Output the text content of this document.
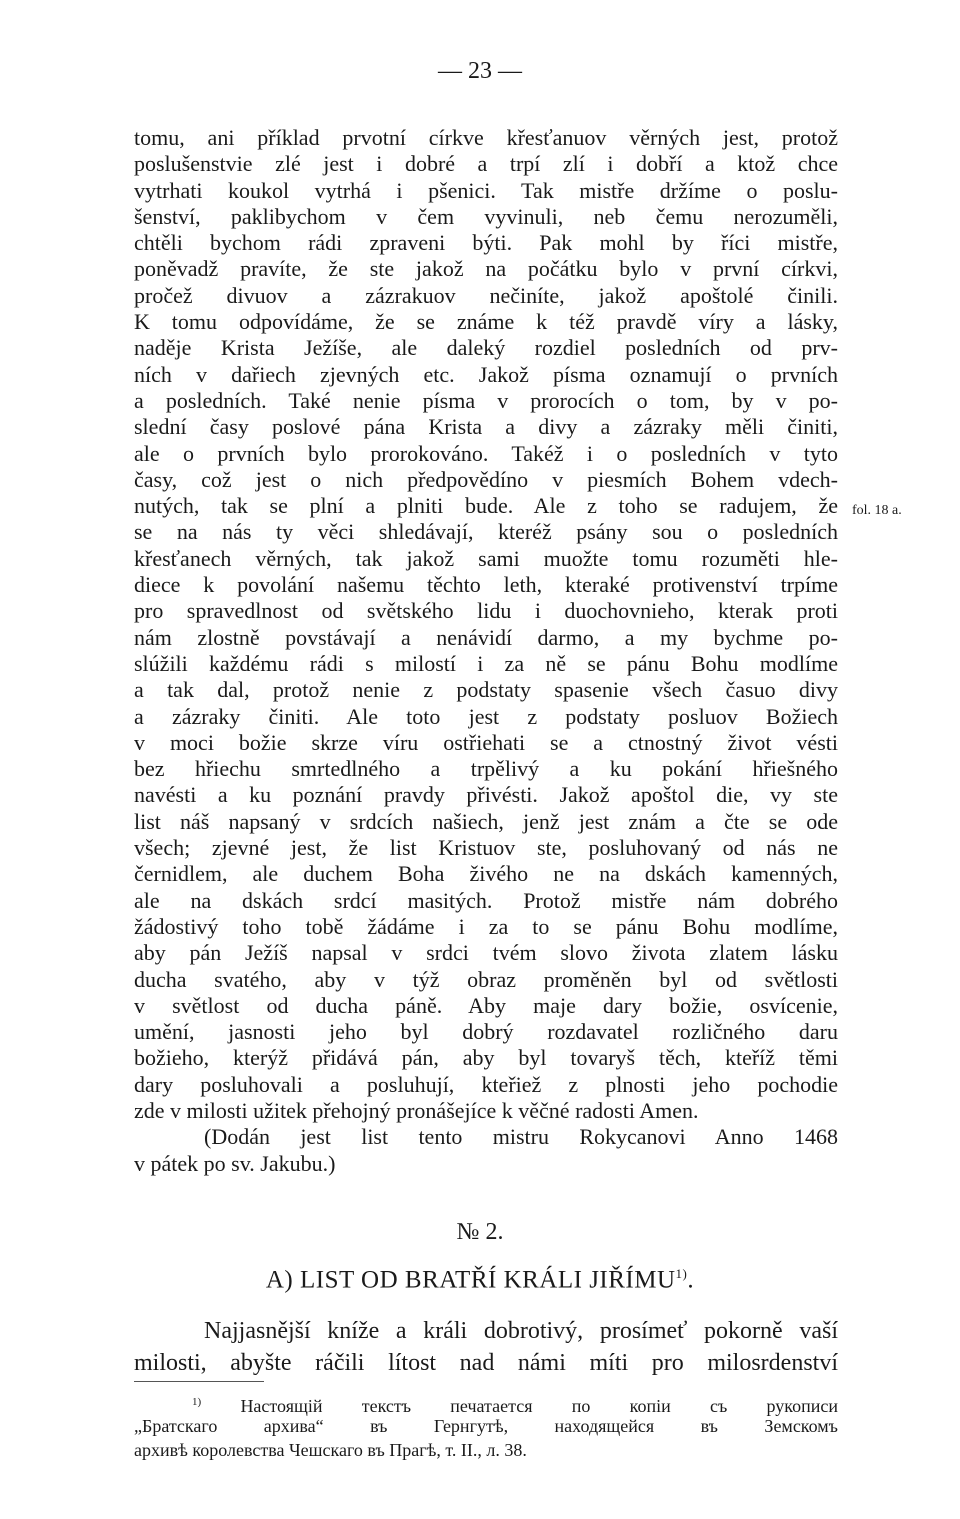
— 23 —
tomu, ani příklad prvotní církve křesťanuov věrných jest, protož
poslušenstvie zlé jest i dobré a trpí zlí i dobří a ktož chce
vytrhati koukol vytrhá i pšenici. Tak mistře držíme o poslu-
šenství, paklibychom v čem vyvinuli, neb čemu nerozuměli,
chtěli bychom rádi zpraveni býti. Pak mohl by říci mistře,
poněvadž pravíte, že ste jakož na počátku bylo v první církvi,
pročež divuov a zázrakuov nečiníte, jakož apoštolé činili.
K tomu odpovídáme, že se známe k též pravdě víry a lásky,
naděje Krista Ježíše, ale daleký rozdiel posledních od prv-
ních v dařiech zjevných etc. Jakož písma oznamují o prvních
a posledních. Také nenie písma v prorocích o tom, by v po-
slední časy poslové pána Krista a divy a zázraky měli činiti,
ale o prvních bylo prorokováno. Takéž i o posledních v tyto
časy, což jest o nich předpovědíno v piesmích Bohem vdech-
nutých, tak se plní a plniti bude. Ale z toho se radujem, že
se na nás ty věci shledávají, kteréž psány sou o posledních
křesťanech věrných, tak jakož sami muožte tomu rozuměti hle-
diece k povolání našemu těchto leth, kteraké protivenství trpíme
pro spravedlnost od světského lidu i duochovnieho, kterak proti
nám zlostně povstávají a nenávidí darmo, a my bychme po-
slúžili každému rádi s milostí i za ně se pánu Bohu modlíme
a tak dal, protož nenie z podstaty spasenie všech časuo divy
a zázraky činiti. Ale toto jest z podstaty posluov Božiech
v moci božie skrze víru ostřiehati se a ctnostný život vésti
bez hřiechu smrtedlného a trpělivý a ku pokání hřiešného
navésti a ku poznání pravdy přivésti. Jakož apoštol die, vy ste
list náš napsaný v srdcích našiech, jenž jest znám a čte se ode
všech; zjevné jest, že list Kristuov ste, posluhovaný od nás ne
černidlem, ale duchem Boha živého ne na dskách kamenných,
ale na dskách srdcí masitých. Protož mistře nám dobrého
žádostivý toho tobě žádáme i za to se pánu Bohu modlíme,
aby pán Ježíš napsal v srdci tvém slovo života zlatem lásku
ducha svatého, aby v týž obraz proměněn byl od světlosti
v světlost od ducha páně. Aby maje dary božie, osvícenie,
umění, jasnosti jeho byl dobrý rozdavatel rozličného daru
božieho, kterýž přidává pán, aby byl tovaryš těch, kteříž těmi
dary posluhovali a posluhují, kteřiež z plnosti jeho pochodie
zde v milosti užitek přehojný pronášejíce k věčné radosti Amen.
(Dodán jest list tento mistru Rokycanovi Anno 1468
v pátek po sv. Jakubu.)
fol. 18 a.
№ 2.
A) LIST OD BRATŘÍ KRÁLI JIŘÍMU$^{1)}$.
Najjasnější kníže a králi dobrotivý, prosímeť pokorně vaší
milosti, abyšte ráčili lítost nad námi míti pro milosrdenství
$^{1)}$ Настоящій текстъ печатается по копіи съ рукописи
„Братскаго архива“ въ Гернгутѣ, находящейся въ Земскомъ
архивѣ королевства Чешскаго въ Прагѣ, т. II., л. 38.
